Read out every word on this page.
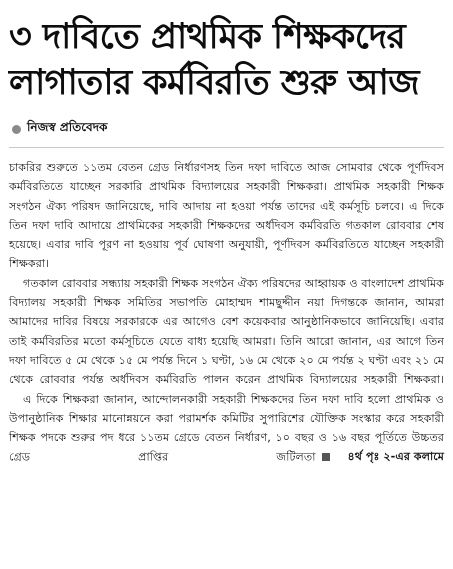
৩ দাবিতে প্রাথমিক শিক্ষকদের
লাগাতার কর্মবিরতি শুরু আজ
নিজস্ব প্রতিবেদক

চাকরির শুরুতে ১১তম বেতন গ্রেড নির্ধারণসহ তিন দফা দাবিতে আজ সোমবার থেকে পূর্ণদিবস কর্মবিরতিতে যাচ্ছেন সরকারি প্রাথমিক বিদ্যালয়ের সহকারী শিক্ষকরা। প্রাথমিক সহকারী শিক্ষক সংগঠন ঐক্য পরিষদ জানিয়েছে, দাবি আদায় না হওয়া পর্যন্ত তাদের এই কর্মসূচি চলবে। এ দিকে তিন দফা দাবি আদায়ে প্রাথমিকের সহকারী শিক্ষকদের অর্ধদিবস কর্মবিরতি গতকাল রোববার শেষ হয়েছে। এবার দাবি পূরণ না হওয়ায় পূর্ব ঘোষণা অনুযায়ী, পূর্ণদিবস কর্মবিরতিতে যাচ্ছেন সহকারী শিক্ষকরা।

গতকাল রোববার সন্ধ্যায় সহকারী শিক্ষক সংগঠন ঐক্য পরিষদের আহ্বায়ক ও বাংলাদেশ প্রাথমিক বিদ্যালয় সহকারী শিক্ষক সমিতির সভাপতি মোহাম্মদ শামছুদ্দীন নয়া দিগন্তকে জানান, আমরা আমাদের দাবির বিষয়ে সরকারকে এর আগেও বেশ কয়েকবার আনুষ্ঠানিকভাবে জানিয়েছি। এবার তাই কর্মবিরতির মতো কর্মসূচিতে যেতে বাধ্য হয়েছি আমরা। তিনি আরো জানান, এর আগে তিন দফা দাবিতে ৫ মে থেকে ১৫ মে পর্যন্ত দিনে ১ ঘণ্টা, ১৬ মে থেকে ২০ মে পর্যন্ত ২ ঘণ্টা এবং ২১ মে থেকে রোববার পর্যন্ত অর্ধদিবস কর্মবিরতি পালন করেন প্রাথমিক বিদ্যালয়ের সহকারী শিক্ষকরা।

এ দিকে শিক্ষকরা জানান, আন্দোলনকারী সহকারী শিক্ষকদের তিন দফা দাবি হলো প্রাথমিক ও উপানুষ্ঠানিক শিক্ষার মানোন্নয়নে করা পরামর্শক কমিটির সুপারিশের যৌক্তিক সংস্কার করে সহকারী শিক্ষক পদকে শুরুর পদ ধরে ১১তম গ্রেডে বেতন নির্ধারণ, ১০ বছর ও ১৬ বছর পূর্তিতে উচ্চতর গ্রেড প্রাপ্তির জটিলতা	৪র্থ পৃঃ ২-এর কলামে
